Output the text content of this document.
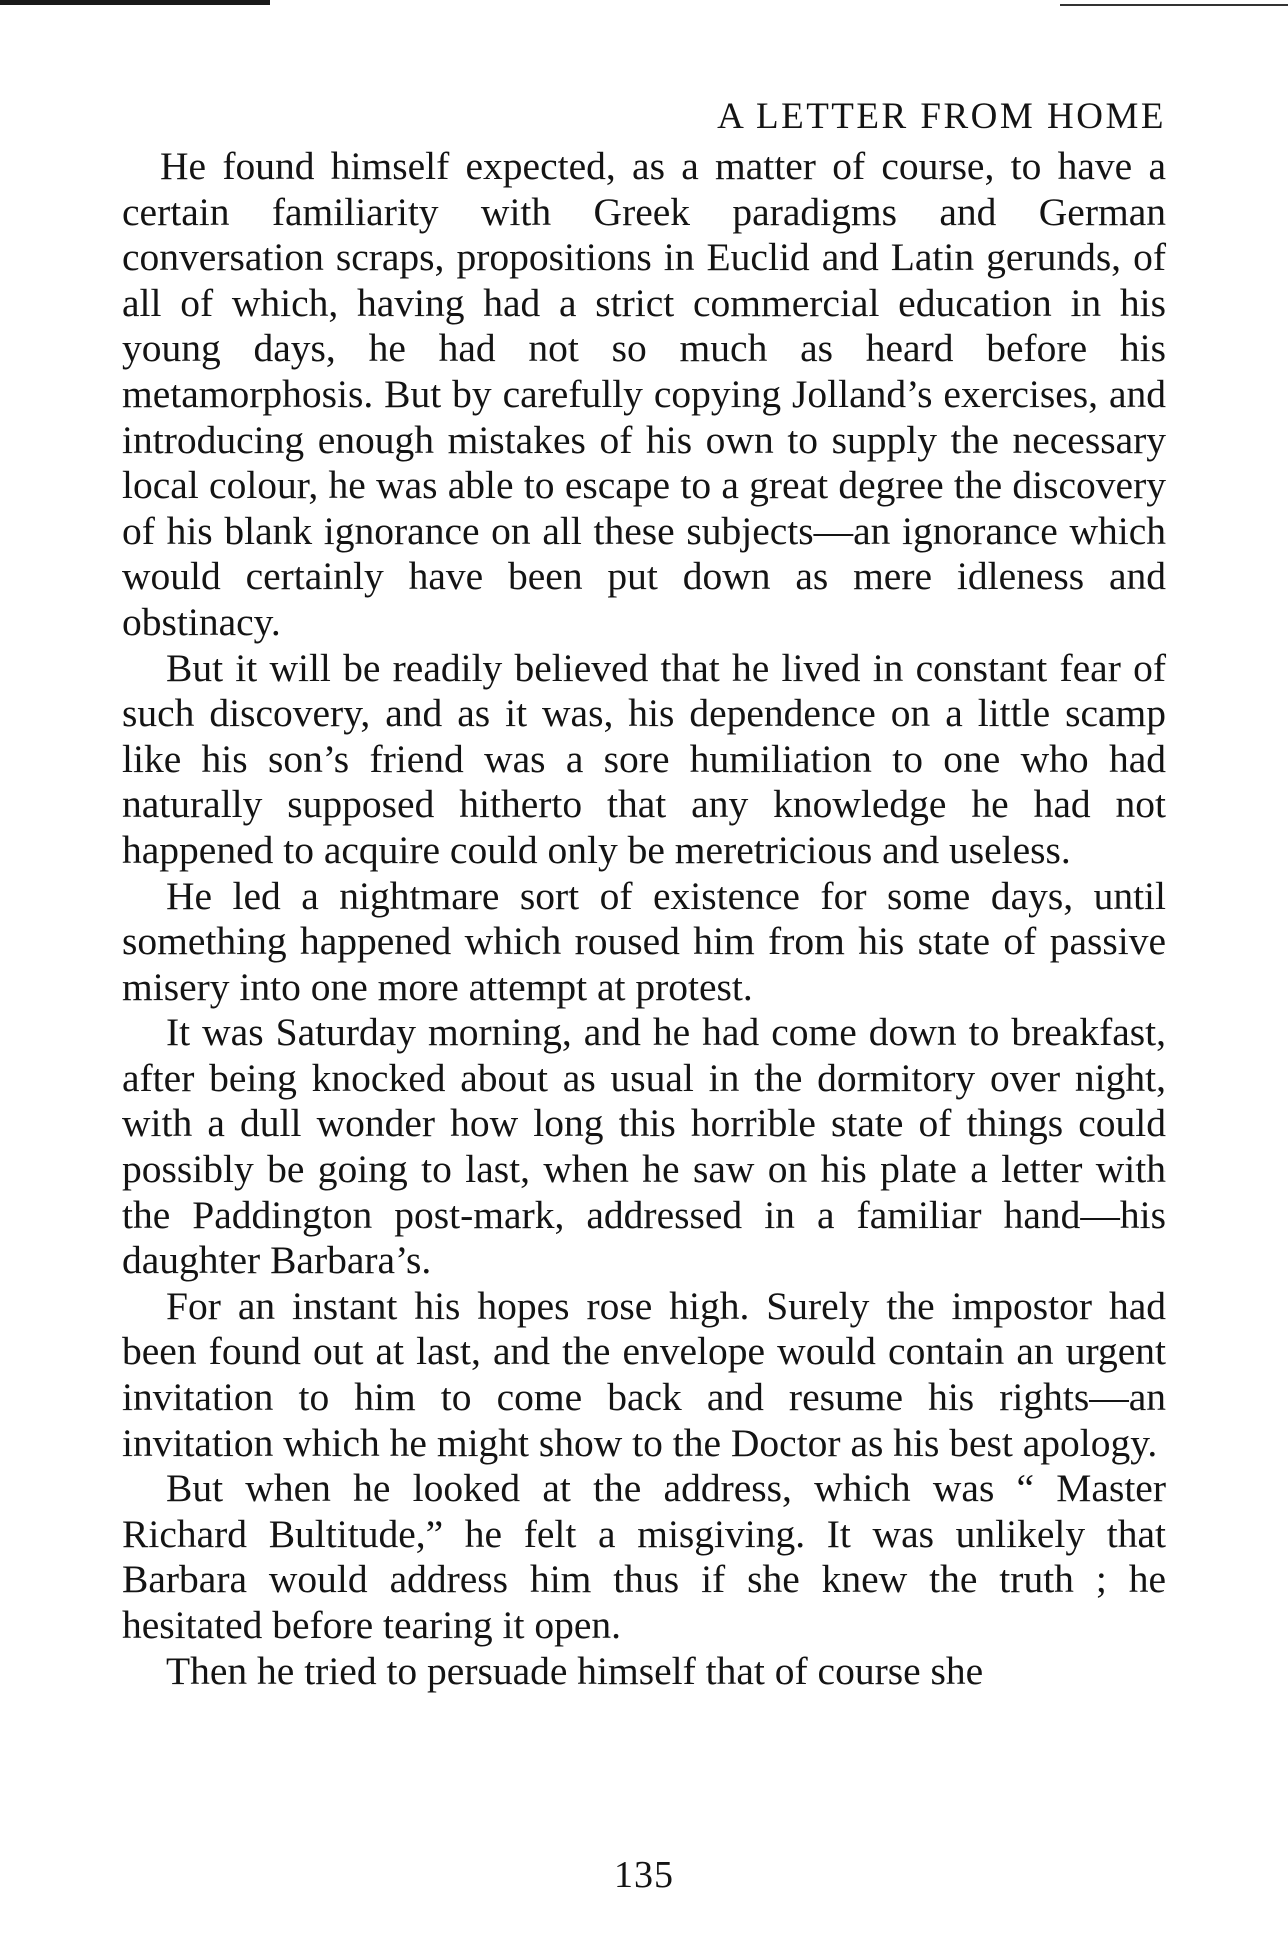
A LETTER FROM HOME

He found himself expected, as a matter of course, to have a certain familiarity with Greek paradigms and German conversation scraps, propositions in Euclid and Latin gerunds, of all of which, having had a strict commercial education in his young days, he had not so much as heard before his metamorphosis. But by carefully copying Jolland’s exercises, and introducing enough mistakes of his own to supply the necessary local colour, he was able to escape to a great degree the discovery of his blank ignorance on all these subjects—an ignorance which would certainly have been put down as mere idleness and obstinacy.

But it will be readily believed that he lived in constant fear of such discovery, and as it was, his dependence on a little scamp like his son’s friend was a sore humiliation to one who had naturally supposed hitherto that any knowledge he had not happened to acquire could only be meretricious and useless.

He led a nightmare sort of existence for some days, until something happened which roused him from his state of passive misery into one more attempt at protest.

It was Saturday morning, and he had come down to breakfast, after being knocked about as usual in the dormitory over night, with a dull wonder how long this horrible state of things could possibly be going to last, when he saw on his plate a letter with the Paddington post-mark, addressed in a familiar hand—his daughter Barbara’s.

For an instant his hopes rose high. Surely the impostor had been found out at last, and the envelope would contain an urgent invitation to him to come back and resume his rights—an invitation which he might show to the Doctor as his best apology.

But when he looked at the address, which was “ Master Richard Bultitude,” he felt a misgiving. It was unlikely that Barbara would address him thus if she knew the truth ; he hesitated before tearing it open.

Then he tried to persuade himself that of course she

135
